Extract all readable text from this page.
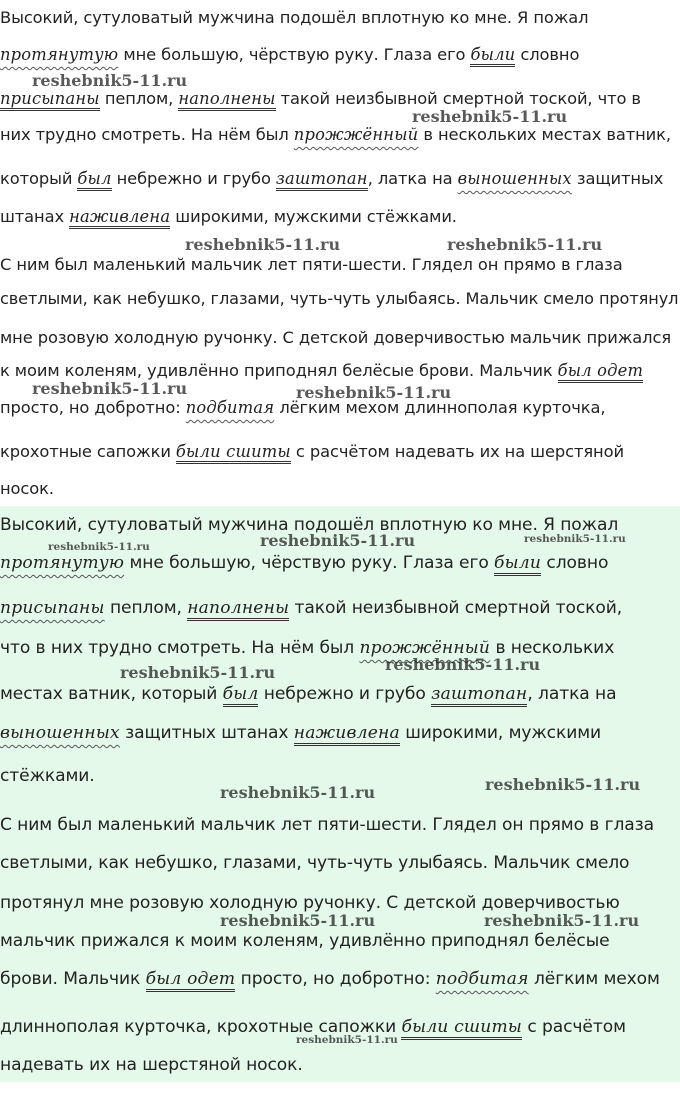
Высокий, сутуловатый мужчина подошёл вплотную ко мне. Я пожал
протянутую мне большую, чёрствую руку. Глаза его были словно
присыпаны пеплом, наполнены такой неизбывной смертной тоской, что в
них трудно смотреть. На нём был прожжённый в нескольких местах ватник,
который был небрежно и грубо заштопан, латка на выношенных защитных
штанах наживлена широкими, мужскими стёжками.
С ним был маленький мальчик лет пяти-шести. Глядел он прямо в глаза
светлыми, как небушко, глазами, чуть-чуть улыбаясь. Мальчик смело протянул
мне розовую холодную ручонку. С детской доверчивостью мальчик прижался
к моим коленям, удивлённо приподнял белёсые брови. Мальчик был одет
просто, но добротно: подбитая лёгким мехом длиннополая курточка,
крохотные сапожки были сшиты с расчётом надевать их на шерстяной
носок.
reshebnik5-11.ru
reshebnik5-11.ru
reshebnik5-11.ru	reshebnik5-11.ru
reshebnik5-11.ru	reshebnik5-11.ru
Высокий, сутуловатый мужчина подошёл вплотную ко мне. Я пожал
протянутую мне большую, чёрствую руку. Глаза его были словно
присыпаны пеплом, наполнены такой неизбывной смертной тоской,
что в них трудно смотреть. На нём был прожжённый в нескольких
местах ватник, который был небрежно и грубо заштопан, латка на
выношенных защитных штанах наживлена широкими, мужскими
стёжками.
С ним был маленький мальчик лет пяти-шести. Глядел он прямо в глаза
светлыми, как небушко, глазами, чуть-чуть улыбаясь. Мальчик смело
протянул мне розовую холодную ручонку. С детской доверчивостью
мальчик прижался к моим коленям, удивлённо приподнял белёсые
брови. Мальчик был одет просто, но добротно: подбитая лёгким мехом
длиннополая курточка, крохотные сапожки были сшиты с расчётом
надевать их на шерстяной носок.
reshebnik5-11.ru	reshebnik5-11.ru	reshebnik5-11.ru
reshebnik5-11.ru	reshebnik5-11.ru
reshebnik5-11.ru	reshebnik5-11.ru
reshebnik5-11.ru	reshebnik5-11.ru
reshebnik5-11.ru
